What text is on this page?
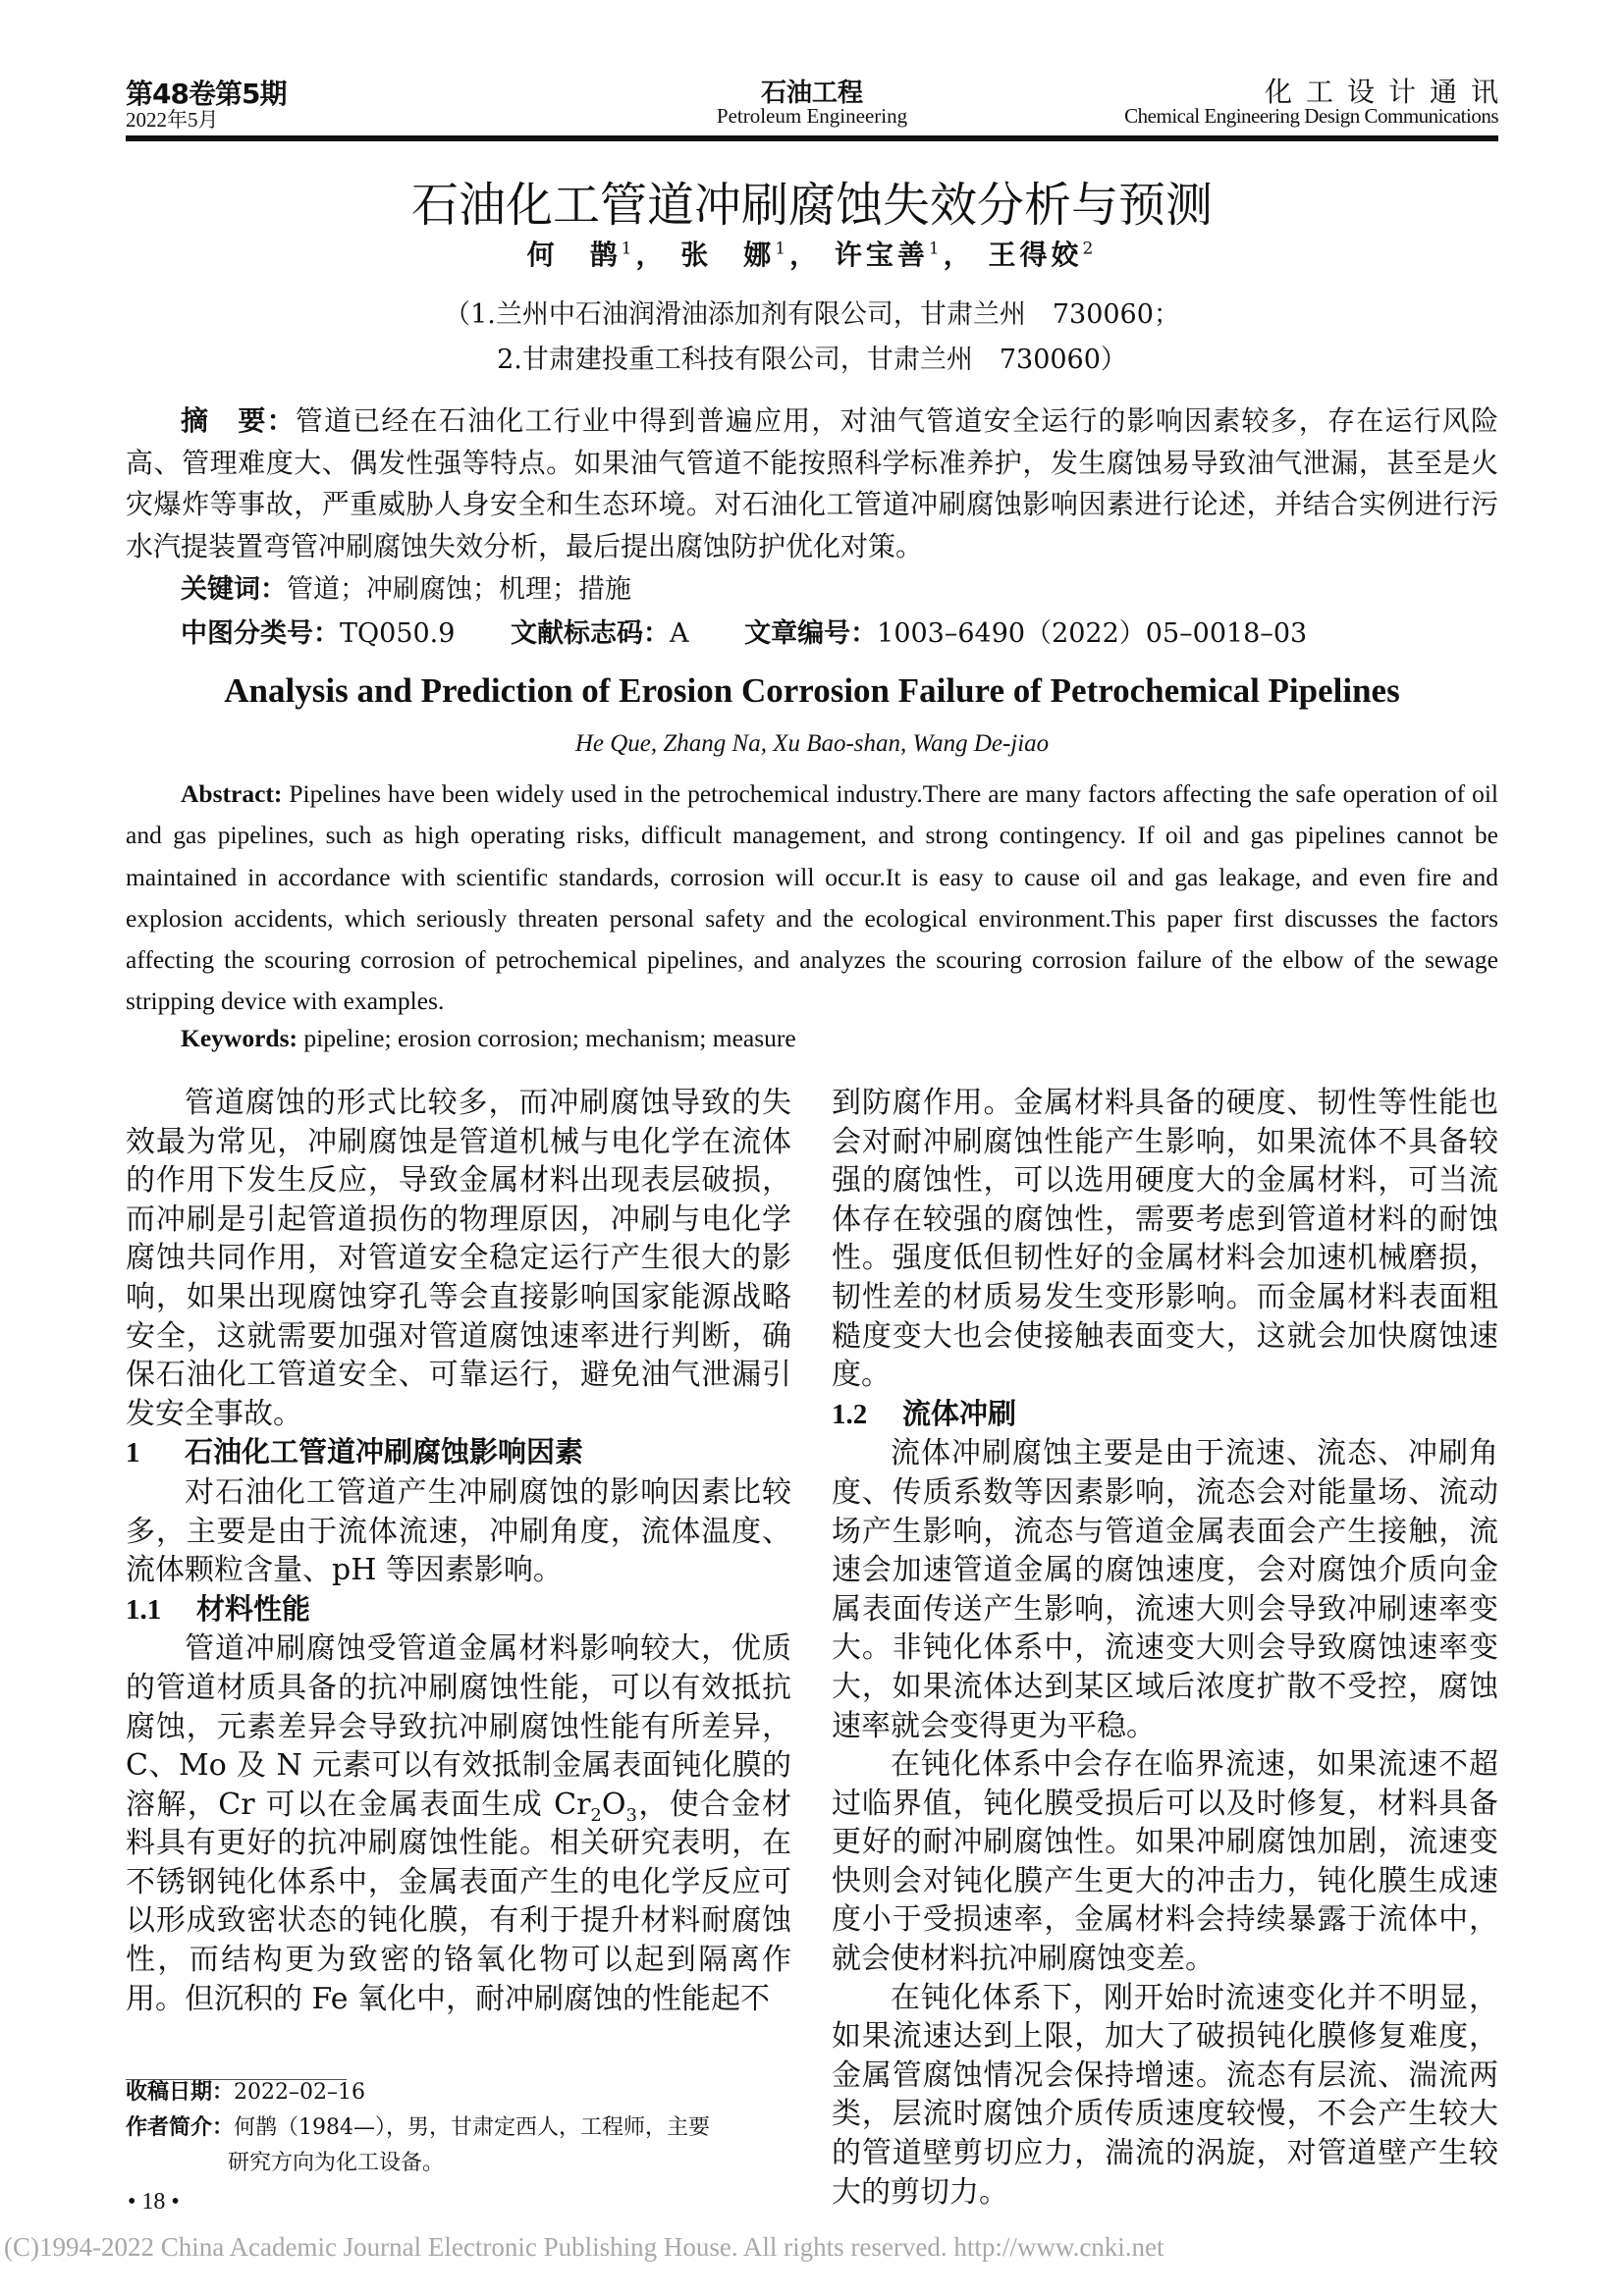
第48卷第5期
2022年5月
石油工程
Petroleum Engineering
化工设计通讯
Chemical Engineering Design Communications
石油化工管道冲刷腐蚀失效分析与预测
何　鹊$^1$， 张　娜$^1$， 许宝善$^1$， 王得姣$^2$
（1.兰州中石油润滑油添加剂有限公司，甘肃兰州　730060；
2.甘肃建投重工科技有限公司，甘肃兰州　730060）
摘　要：管道已经在石油化工行业中得到普遍应用，对油气管道安全运行的影响因素较多，存在运行风险高、管理难度大、偶发性强等特点。如果油气管道不能按照科学标准养护，发生腐蚀易导致油气泄漏，甚至是火灾爆炸等事故，严重威胁人身安全和生态环境。对石油化工管道冲刷腐蚀影响因素进行论述，并结合实例进行污水汽提装置弯管冲刷腐蚀失效分析，最后提出腐蚀防护优化对策。
关键词：管道；冲刷腐蚀；机理；措施
中图分类号：TQ050.9 文献标志码：A 文章编号：1003–6490（2022）05–0018–03
Analysis and Prediction of Erosion Corrosion Failure of Petrochemical Pipelines
He Que, Zhang Na, Xu Bao-shan, Wang De-jiao
Abstract: Pipelines have been widely used in the petrochemical industry.There are many factors affecting the safe operation of oil and gas pipelines, such as high operating risks, difficult management, and strong contingency. If oil and gas pipelines cannot be maintained in accordance with scientific standards, corrosion will occur.It is easy to cause oil and gas leakage, and even fire and explosion accidents, which seriously threaten personal safety and the ecological environment.This paper first discusses the factors affecting the scouring corrosion of petrochemical pipelines, and analyzes the scouring corrosion failure of the elbow of the sewage stripping device with examples.
Keywords: pipeline; erosion corrosion; mechanism; measure

管道腐蚀的形式比较多，而冲刷腐蚀导致的失效最为常见，冲刷腐蚀是管道机械与电化学在流体的作用下发生反应，导致金属材料出现表层破损，而冲刷是引起管道损伤的物理原因，冲刷与电化学腐蚀共同作用，对管道安全稳定运行产生很大的影响，如果出现腐蚀穿孔等会直接影响国家能源战略安全，这就需要加强对管道腐蚀速率进行判断，确保石油化工管道安全、可靠运行，避免油气泄漏引发安全事故。

1 石油化工管道冲刷腐蚀影响因素

对石油化工管道产生冲刷腐蚀的影响因素比较多，主要是由于流体流速，冲刷角度，流体温度、流体颗粒含量、pH 等因素影响。

1.1 材料性能

管道冲刷腐蚀受管道金属材料影响较大，优质的管道材质具备的抗冲刷腐蚀性能，可以有效抵抗腐蚀，元素差异会导致抗冲刷腐蚀性能有所差异，C、Mo 及 N 元素可以有效抵制金属表面钝化膜的溶解，Cr 可以在金属表面生成 $Cr_2O_3$，使合金材料具有更好的抗冲刷腐蚀性能。相关研究表明，在不锈钢钝化体系中，金属表面产生的电化学反应可以形成致密状态的钝化膜，有利于提升材料耐腐蚀性，而结构更为致密的铬氧化物可以起到隔离作用。但沉积的 Fe 氧化中，耐冲刷腐蚀的性能起不

到防腐作用。金属材料具备的硬度、韧性等性能也会对耐冲刷腐蚀性能产生影响，如果流体不具备较强的腐蚀性，可以选用硬度大的金属材料，可当流体存在较强的腐蚀性，需要考虑到管道材料的耐蚀性。强度低但韧性好的金属材料会加速机械磨损，韧性差的材质易发生变形影响。而金属材料表面粗糙度变大也会使接触表面变大，这就会加快腐蚀速度。
1.2 流体冲刷

流体冲刷腐蚀主要是由于流速、流态、冲刷角度、传质系数等因素影响，流态会对能量场、流动场产生影响，流态与管道金属表面会产生接触，流速会加速管道金属的腐蚀速度，会对腐蚀介质向金属表面传送产生影响，流速大则会导致冲刷速率变大。非钝化体系中，流速变大则会导致腐蚀速率变大，如果流体达到某区域后浓度扩散不受控，腐蚀速率就会变得更为平稳。

在钝化体系中会存在临界流速，如果流速不超过临界值，钝化膜受损后可以及时修复，材料具备更好的耐冲刷腐蚀性。如果冲刷腐蚀加剧，流速变快则会对钝化膜产生更大的冲击力，钝化膜生成速度小于受损速率，金属材料会持续暴露于流体中，就会使材料抗冲刷腐蚀变差。

在钝化体系下，刚开始时流速变化并不明显，如果流速达到上限，加大了破损钝化膜修复难度，金属管腐蚀情况会保持增速。流态有层流、湍流两类，层流时腐蚀介质传质速度较慢，不会产生较大的管道壁剪切应力，湍流的涡旋，对管道壁产生较大的剪切力。

收稿日期：2022–02–16
作者简介：何鹊（1984—），男，甘肃定西人，工程师，主要
研究方向为化工设备。
• 18 •
(C)1994-2022 China Academic Journal Electronic Publishing House. All rights reserved. http://www.cnki.net
